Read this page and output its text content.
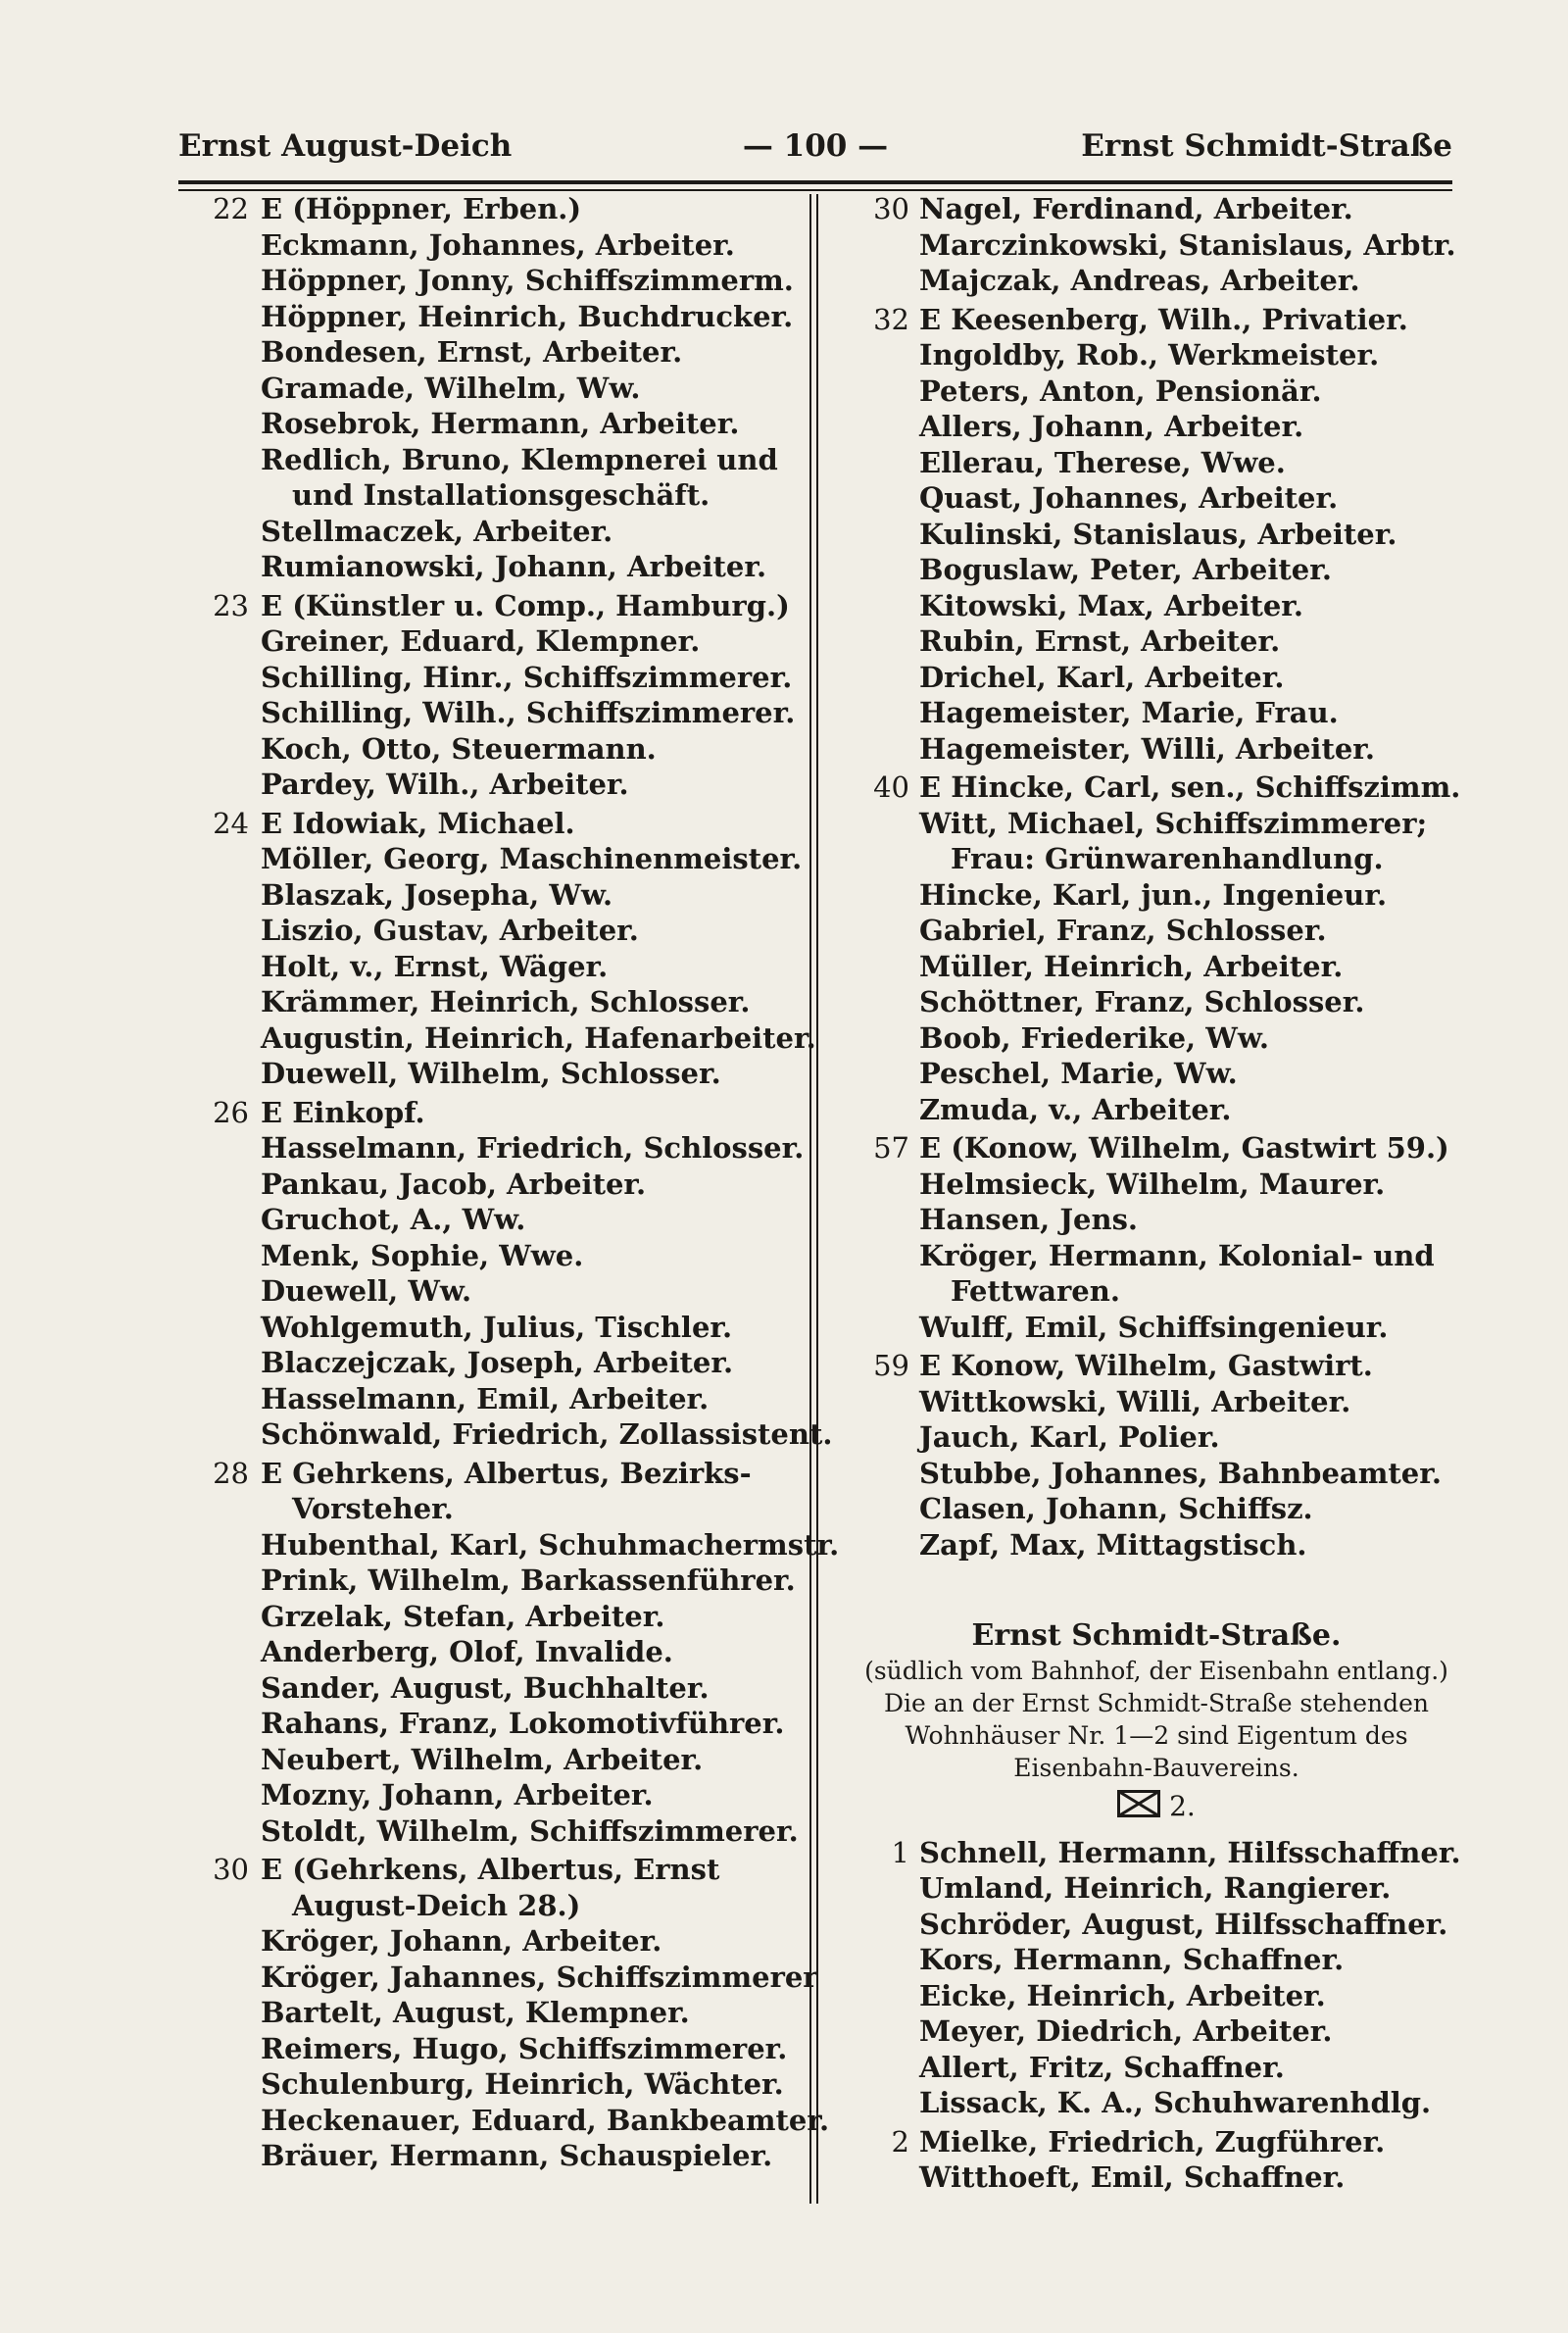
Ernst August-Deich	— 100 —	Ernst Schmidt-Straße
22 E (Höppner, Erben.)
Eckmann, Johannes, Arbeiter.
Höppner, Jonny, Schiffszimmerm.
Höppner, Heinrich, Buchdrucker.
Bondesen, Ernst, Arbeiter.
Gramade, Wilhelm, Ww.
Rosebrok, Hermann, Arbeiter.
Redlich, Bruno, Klempnerei und
und Installationsgeschäft.
Stellmaczek, Arbeiter.
Rumianowski, Johann, Arbeiter.
23 E (Künstler u. Comp., Hamburg.)
Greiner, Eduard, Klempner.
Schilling, Hinr., Schiffszimmerer.
Schilling, Wilh., Schiffszimmerer.
Koch, Otto, Steuermann.
Pardey, Wilh., Arbeiter.
24 E Idowiak, Michael.
Möller, Georg, Maschinenmeister.
Blaszak, Josepha, Ww.
Liszio, Gustav, Arbeiter.
Holt, v., Ernst, Wäger.
Krämmer, Heinrich, Schlosser.
Augustin, Heinrich, Hafenarbeiter.
Duewell, Wilhelm, Schlosser.
26 E Einkopf.
Hasselmann, Friedrich, Schlosser.
Pankau, Jacob, Arbeiter.
Gruchot, A., Ww.
Menk, Sophie, Wwe.
Duewell, Ww.
Wohlgemuth, Julius, Tischler.
Blaczejczak, Joseph, Arbeiter.
Hasselmann, Emil, Arbeiter.
Schönwald, Friedrich, Zollassistent.
28 E Gehrkens, Albertus, Bezirks-
Vorsteher.
Hubenthal, Karl, Schuhmachermstr.
Prink, Wilhelm, Barkassenführer.
Grzelak, Stefan, Arbeiter.
Anderberg, Olof, Invalide.
Sander, August, Buchhalter.
Rahans, Franz, Lokomotivführer.
Neubert, Wilhelm, Arbeiter.
Mozny, Johann, Arbeiter.
Stoldt, Wilhelm, Schiffszimmerer.
30 E (Gehrkens, Albertus, Ernst
August-Deich 28.)
Kröger, Johann, Arbeiter.
Kröger, Jahannes, Schiffszimmerer
Bartelt, August, Klempner.
Reimers, Hugo, Schiffszimmerer.
Schulenburg, Heinrich, Wächter.
Heckenauer, Eduard, Bankbeamter.
Bräuer, Hermann, Schauspieler.
30 Nagel, Ferdinand, Arbeiter.
Marczinkowski, Stanislaus, Arbtr.
Majczak, Andreas, Arbeiter.
32 E Keesenberg, Wilh., Privatier.
Ingoldby, Rob., Werkmeister.
Peters, Anton, Pensionär.
Allers, Johann, Arbeiter.
Ellerau, Therese, Wwe.
Quast, Johannes, Arbeiter.
Kulinski, Stanislaus, Arbeiter.
Boguslaw, Peter, Arbeiter.
Kitowski, Max, Arbeiter.
Rubin, Ernst, Arbeiter.
Drichel, Karl, Arbeiter.
Hagemeister, Marie, Frau.
Hagemeister, Willi, Arbeiter.
40 E Hincke, Carl, sen., Schiffszimm.
Witt, Michael, Schiffszimmerer;
Frau: Grünwarenhandlung.
Hincke, Karl, jun., Ingenieur.
Gabriel, Franz, Schlosser.
Müller, Heinrich, Arbeiter.
Schöttner, Franz, Schlosser.
Boob, Friederike, Ww.
Peschel, Marie, Ww.
Zmuda, v., Arbeiter.
57 E (Konow, Wilhelm, Gastwirt 59.)
Helmsieck, Wilhelm, Maurer.
Hansen, Jens.
Kröger, Hermann, Kolonial- und
Fettwaren.
Wulff, Emil, Schiffsingenieur.
59 E Konow, Wilhelm, Gastwirt.
Wittkowski, Willi, Arbeiter.
Jauch, Karl, Polier.
Stubbe, Johannes, Bahnbeamter.
Clasen, Johann, Schiffsz.
Zapf, Max, Mittagstisch.
Ernst Schmidt-Straße.
(südlich vom Bahnhof, der Eisenbahn entlang.)
Die an der Ernst Schmidt-Straße stehenden
Wohnhäuser Nr. 1—2 sind Eigentum des
Eisenbahn-Bauvereins.
2.
1 Schnell, Hermann, Hilfsschaffner.
Umland, Heinrich, Rangierer.
Schröder, August, Hilfsschaffner.
Kors, Hermann, Schaffner.
Eicke, Heinrich, Arbeiter.
Meyer, Diedrich, Arbeiter.
Allert, Fritz, Schaffner.
Lissack, K. A., Schuhwarenhdlg.
2 Mielke, Friedrich, Zugführer.
Witthoeft, Emil, Schaffner.
